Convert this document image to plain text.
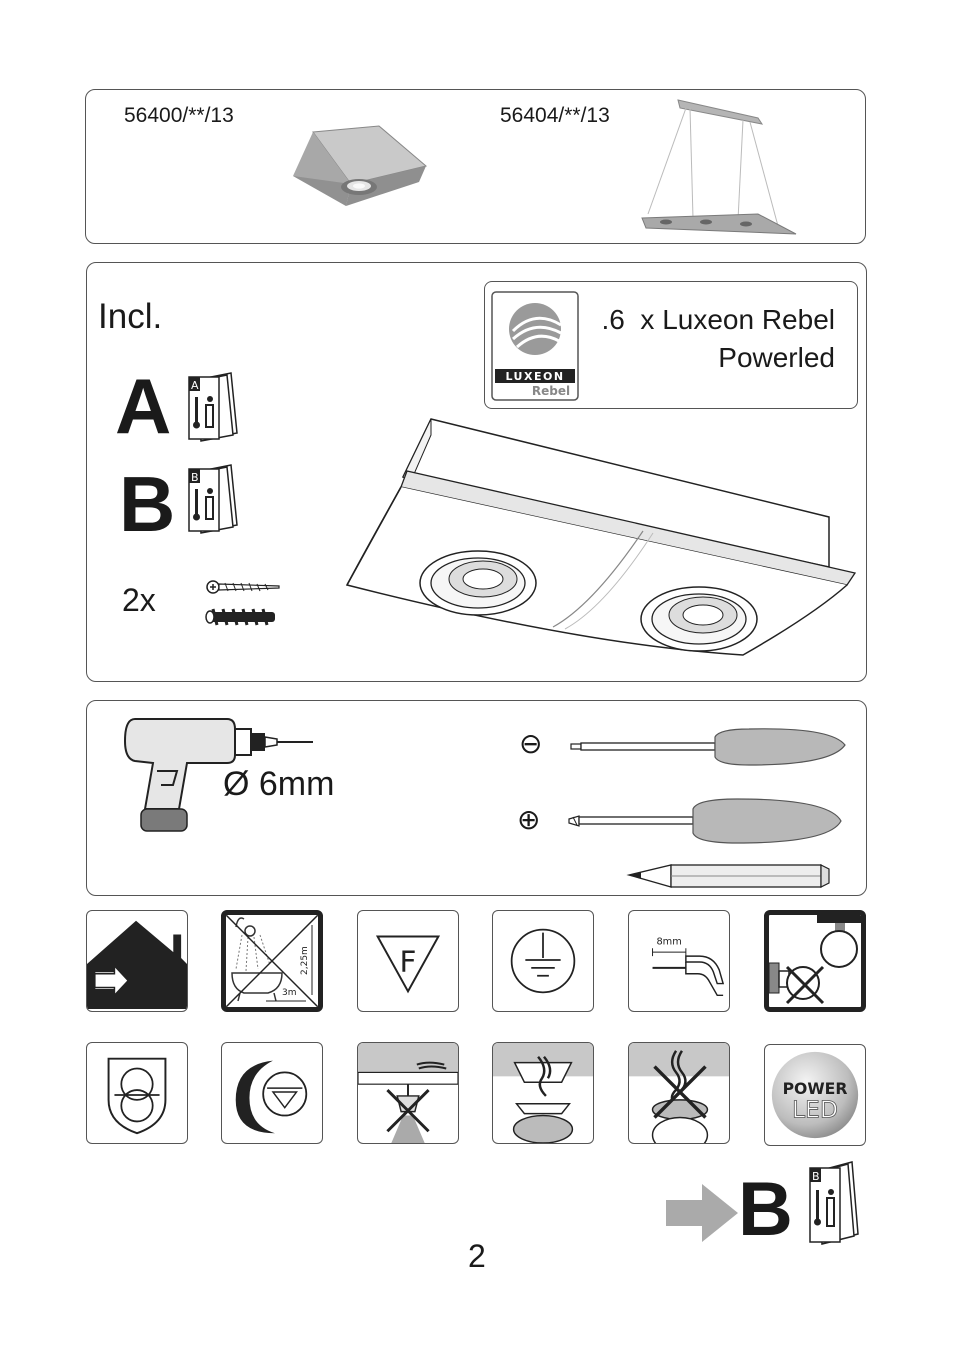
56400/**/13	56404/**/13
Incl.
A A
B B
2x
LUXEON
Rebel
.6  x Luxeon Rebel
Powerled
Ø 6mm
⊖
⊕
2,25m
3m
F
8mm
POWER
LED
B B
2
